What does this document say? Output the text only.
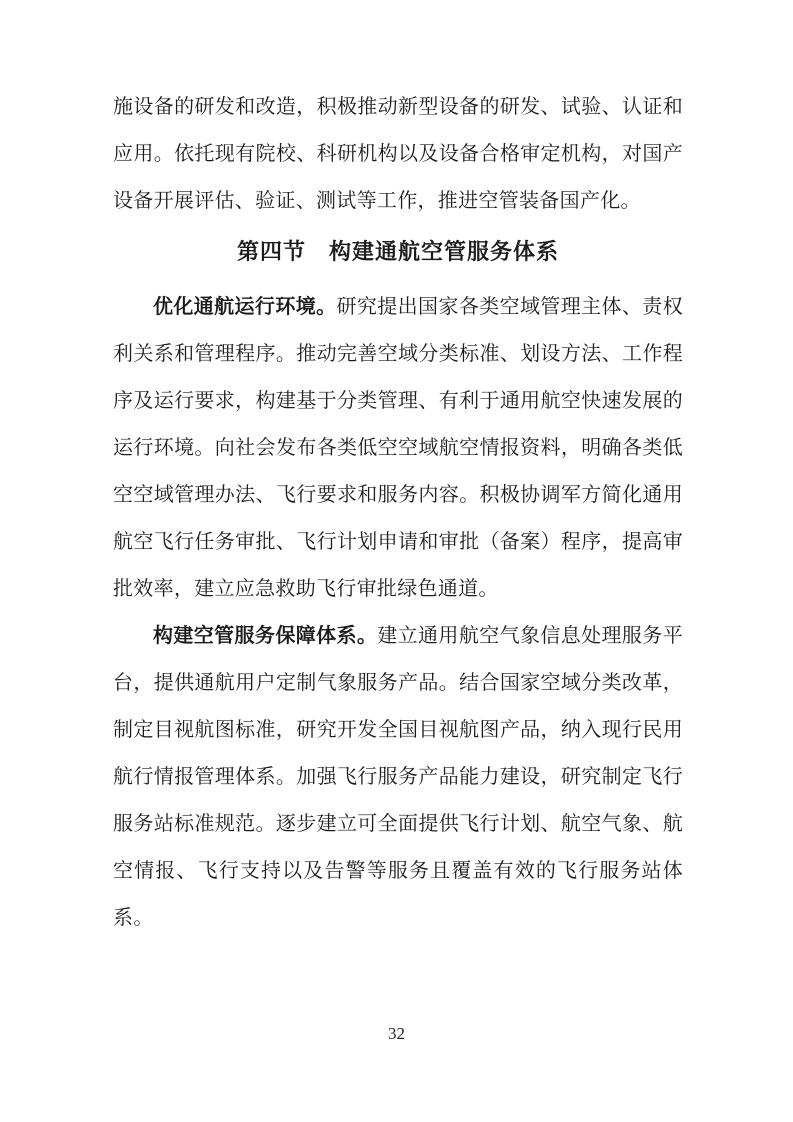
施设备的研发和改造，积极推动新型设备的研发、试验、认证和应用。依托现有院校、科研机构以及设备合格审定机构，对国产设备开展评估、验证、测试等工作，推进空管装备国产化。

第四节　构建通航空管服务体系

优化通航运行环境。研究提出国家各类空域管理主体、责权利关系和管理程序。推动完善空域分类标准、划设方法、工作程序及运行要求，构建基于分类管理、有利于通用航空快速发展的运行环境。向社会发布各类低空空域航空情报资料，明确各类低空空域管理办法、飞行要求和服务内容。积极协调军方简化通用航空飞行任务审批、飞行计划申请和审批（备案）程序，提高审批效率，建立应急救助飞行审批绿色通道。

构建空管服务保障体系。建立通用航空气象信息处理服务平台，提供通航用户定制气象服务产品。结合国家空域分类改革，制定目视航图标准，研究开发全国目视航图产品，纳入现行民用航行情报管理体系。加强飞行服务产品能力建设，研究制定飞行服务站标准规范。逐步建立可全面提供飞行计划、航空气象、航空情报、飞行支持以及告警等服务且覆盖有效的飞行服务站体系。

32
